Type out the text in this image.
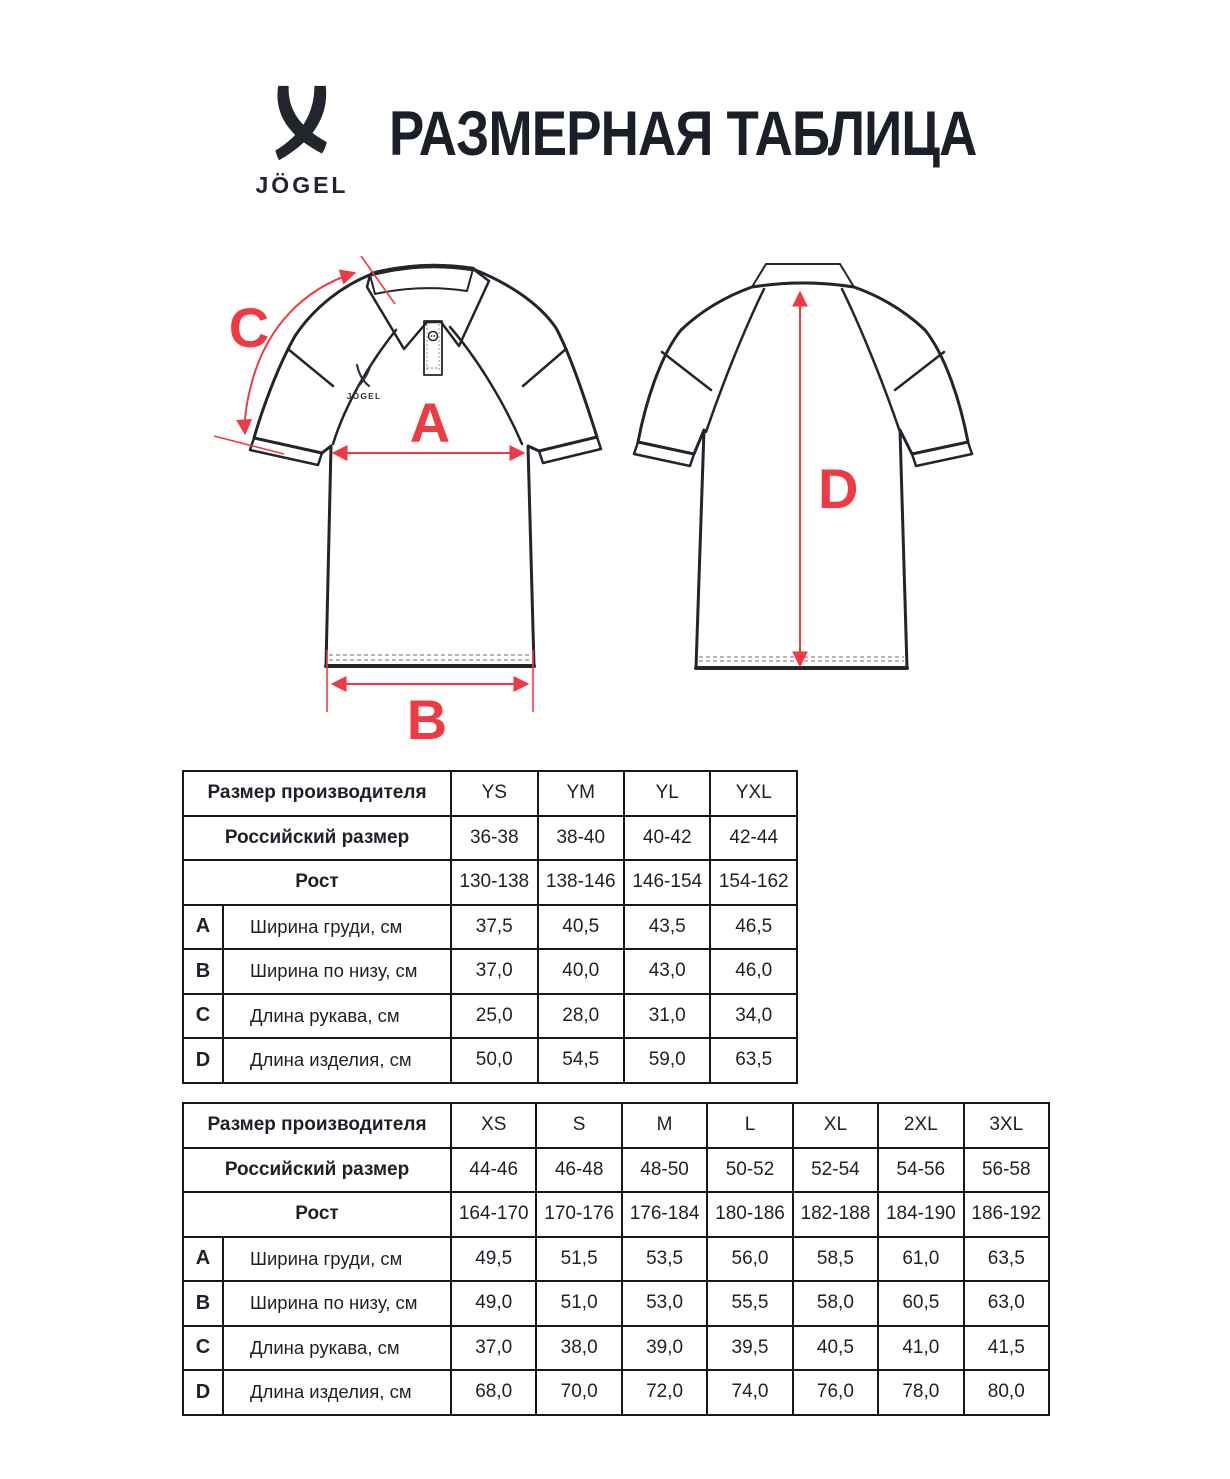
JÖGEL
РАЗМЕРНАЯ ТАБЛИЦА
JÖGEL
C
A
B
D
Размер производителя		YS	YM	YL	YXL
Российский размер		36-38	38-40	40-42	42-44
Рост		130-138	138-146	146-154	154-162
A	Ширина груди, см	37,5	40,5	43,5	46,5
B	Ширина по низу, см	37,0	40,0	43,0	46,0
C	Длина рукава, см	25,0	28,0	31,0	34,0
D	Длина изделия, см	50,0	54,5	59,0	63,5
Размер производителя		XS	S	M	L	XL	2XL	3XL
Российский размер		44-46	46-48	48-50	50-52	52-54	54-56	56-58
Рост		164-170	170-176	176-184	180-186	182-188	184-190	186-192
A	Ширина груди, см	49,5	51,5	53,5	56,0	58,5	61,0	63,5
B	Ширина по низу, см	49,0	51,0	53,0	55,5	58,0	60,5	63,0
C	Длина рукава, см	37,0	38,0	39,0	39,5	40,5	41,0	41,5
D	Длина изделия, см	68,0	70,0	72,0	74,0	76,0	78,0	80,0
